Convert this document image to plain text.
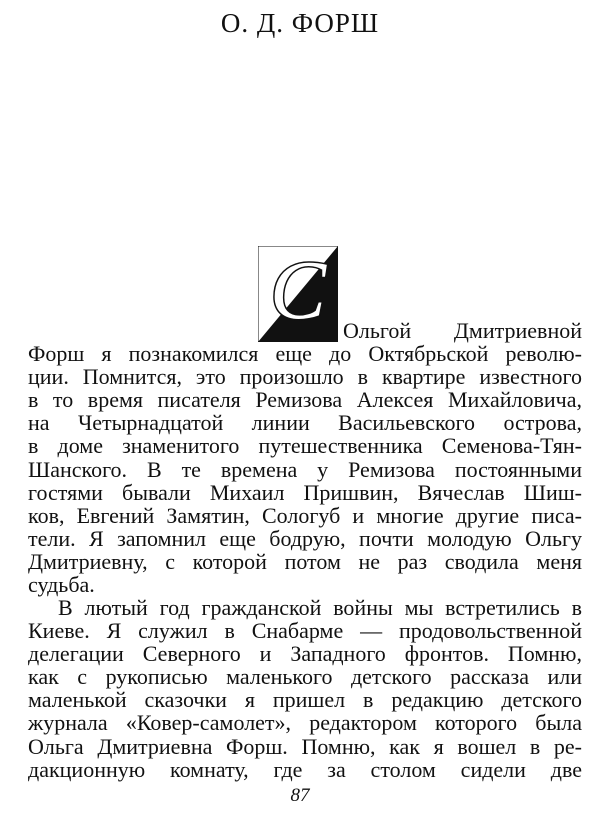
О. Д. ФОРШ
С Ольгой Дмитриевной
Форш я познакомился еще до Октябрьской револю-
ции. Помнится, это произошло в квартире известного
в то время писателя Ремизова Алексея Михайловича,
на Четырнадцатой линии Васильевского острова,
в доме знаменитого путешественника Семенова-Тян-
Шанского. В те времена у Ремизова постоянными
гостями бывали Михаил Пришвин, Вячеслав Шиш-
ков, Евгений Замятин, Сологуб и многие другие писа-
тели. Я запомнил еще бодрую, почти молодую Ольгу
Дмитриевну, с которой потом не раз сводила меня
судьба.
В лютый год гражданской войны мы встретились в
Киеве. Я служил в Снабарме — продовольственной
делегации Северного и Западного фронтов. Помню,
как с рукописью маленького детского рассказа или
маленькой сказочки я пришел в редакцию детского
журнала «Ковер-самолет», редактором которого была
Ольга Дмитриевна Форш. Помню, как я вошел в ре-
дакционную комнату, где за столом сидели две
87
